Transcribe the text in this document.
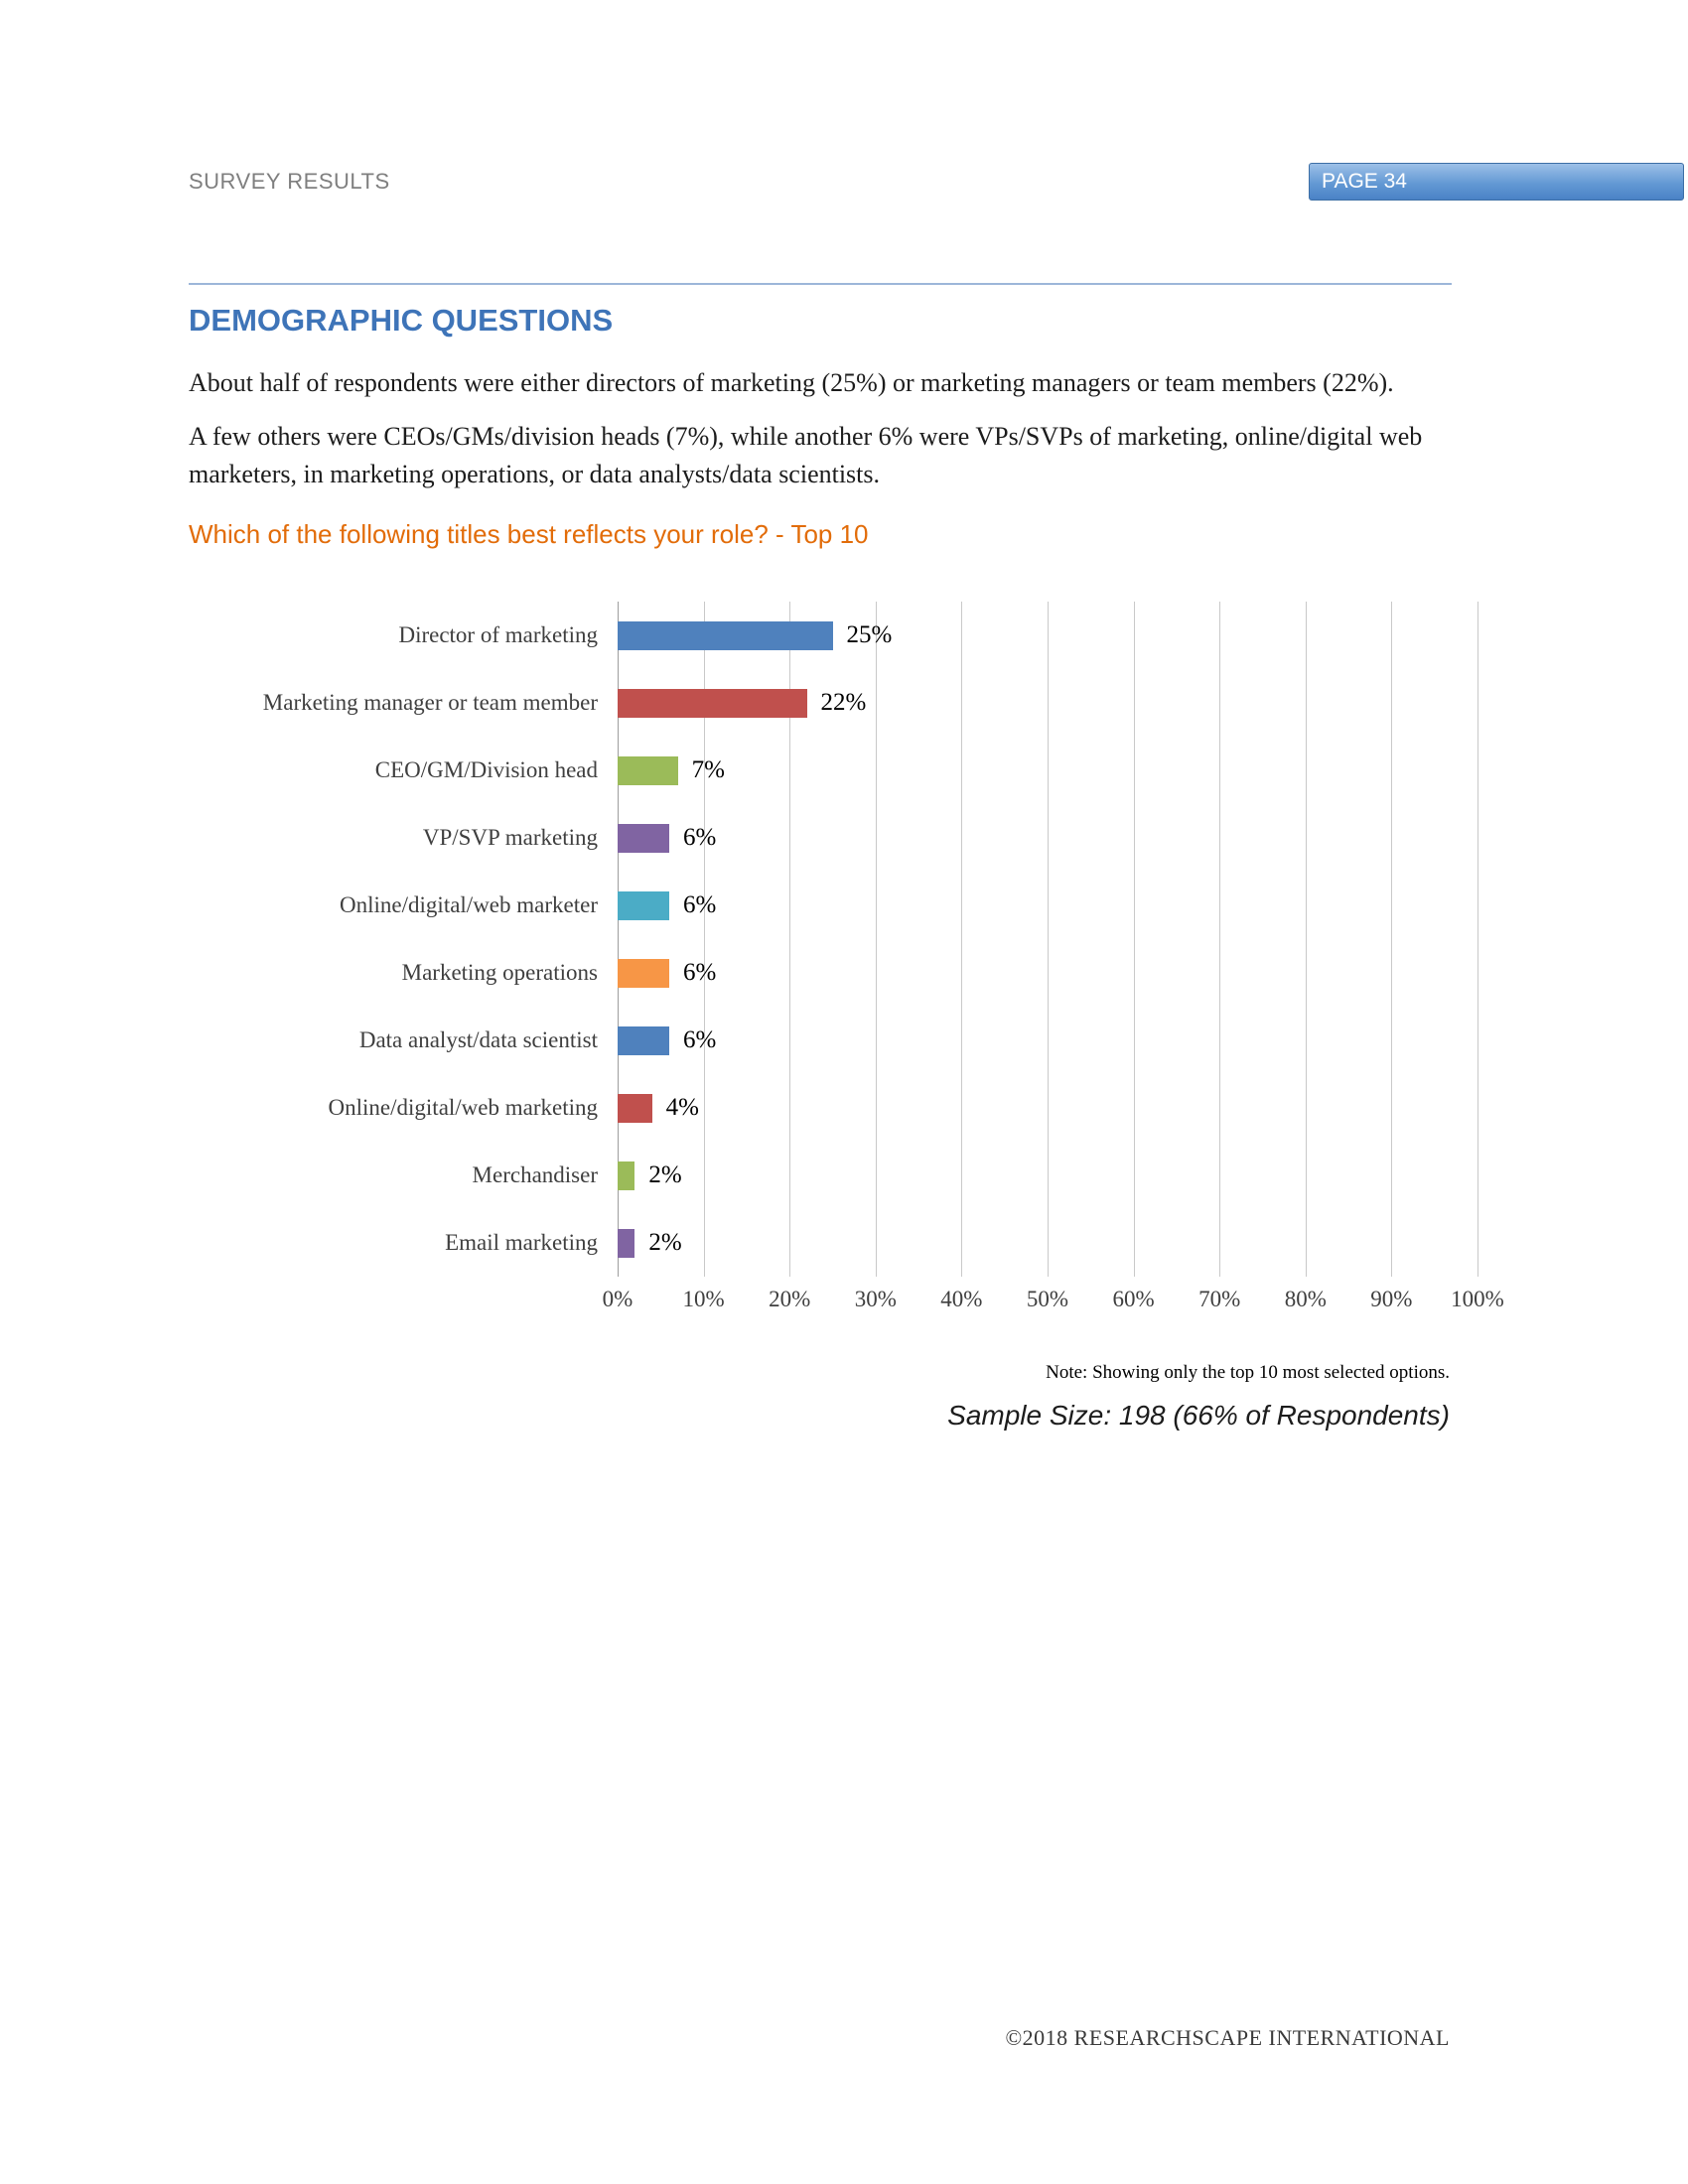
SURVEY RESULTS	PAGE 34
DEMOGRAPHIC QUESTIONS

About half of respondents were either directors of marketing (25%) or marketing managers or team members (22%).

A few others were CEOs/GMs/division heads (7%), while another 6% were VPs/SVPs of marketing, online/digital web marketers, in marketing operations, or data analysts/data scientists.

Which of the following titles best reflects your role? - Top 10
Director of marketing	25%
Marketing manager or team member	22%
CEO/GM/Division head	7%
VP/SVP marketing	6%
Online/digital/web marketer	6%
Marketing operations	6%
Data analyst/data scientist	6%
Online/digital/web marketing	4%
Merchandiser	2%
Email marketing	2%
0% 10% 20% 30% 40% 50% 60% 70% 80% 90% 100%
Note: Showing only the top 10 most selected options.
Sample Size: 198 (66% of Respondents)
©2018 RESEARCHSCAPE INTERNATIONAL
